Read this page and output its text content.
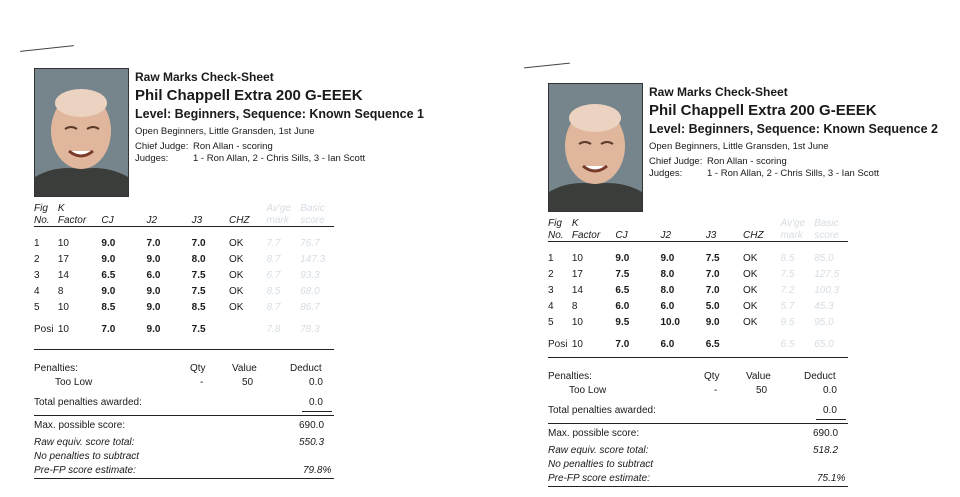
Raw Marks Check-Sheet
Phil Chappell Extra 200 G-EEEK
Level: Beginners, Sequence: Known Sequence 1
Open Beginners, Little Gransden, 1st June
Chief Judge: Ron Allan - scoring
Judges:	1 - Ron Allan, 2 - Chris Sills, 3 - Ian Scott
Fig	K					Av'ge	Basic
No.	Factor	CJ	J2	J3	CHZ	mark	score

1	10	9.0	7.0	7.0	OK	7.7	76.7
2	17	9.0	9.0	8.0	OK	8.7	147.3
3	14	6.5	6.0	7.5	OK	6.7	93.3
4	8	9.0	9.0	7.5	OK	8.5	68.0
5	10	8.5	9.0	8.5	OK	8.7	86.7

Posi	10	7.0	9.0	7.5		7.8	78.3
Penalties:	Qty	Value	Deduct
Too Low	-	50	0.0
Total penalties awarded:	0.0
Max. possible score:	690.0
Raw equiv. score total:	550.3
No penalties to subtract
Pre-FP score estimate:	79.8%
Raw Marks Check-Sheet
Phil Chappell Extra 200 G-EEEK
Level: Beginners, Sequence: Known Sequence 2
Open Beginners, Little Gransden, 1st June
Chief Judge: Ron Allan - scoring
Judges:	1 - Ron Allan, 2 - Chris Sills, 3 - Ian Scott
Fig	K					Av'ge	Basic
No.	Factor	CJ	J2	J3	CHZ	mark	score

1	10	9.0	9.0	7.5	OK	8.5	85.0
2	17	7.5	8.0	7.0	OK	7.5	127.5
3	14	6.5	8.0	7.0	OK	7.2	100.3
4	8	6.0	6.0	5.0	OK	5.7	45.3
5	10	9.5	10.0	9.0	OK	9.5	95.0

Posi	10	7.0	6.0	6.5		6.5	65.0
Penalties:	Qty	Value	Deduct
Too Low	-	50	0.0
Total penalties awarded:	0.0
Max. possible score:	690.0
Raw equiv. score total:	518.2
No penalties to subtract
Pre-FP score estimate:	75.1%
